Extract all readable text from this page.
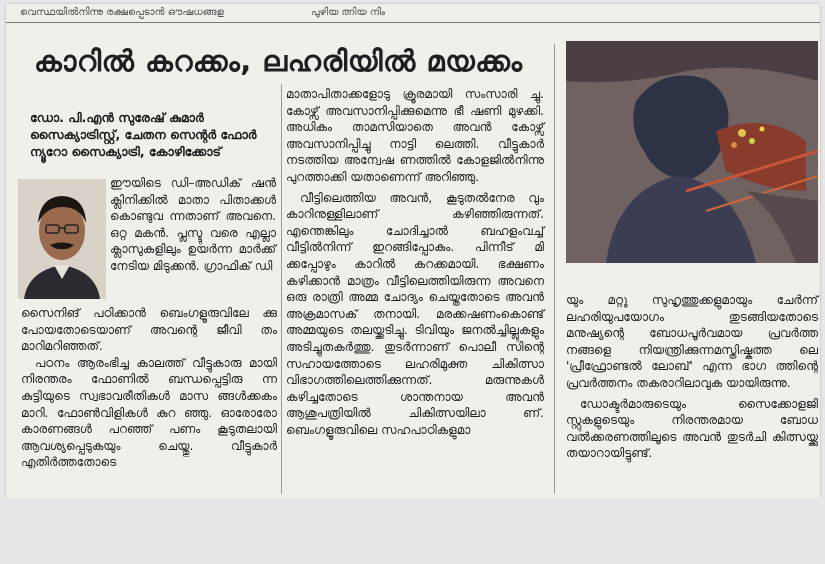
വെസ്ഥയിൽനിന്നു രക്ഷപ്പെടാൻ ഔഷധങ്ങള	പുഴിയ ത്നിയ നിം
കാറിൽ കറക്കം, ലഹരിയിൽ മയക്കം
ഡോ. പി.എൻ സുരേഷ് കുമാർ
സൈക്യാട്രിസ്റ്റ്, ചേതന സെന്റർ ഫോർ
ന്യൂറോ സൈക്യാട്രി, കോഴിക്കോട്

ഈയിടെ ഡി–അഡിക് ഷൻ ക്ലിനിക്കിൽ മാതാ പിതാക്കൾ കൊണ്ടുവ ന്നതാണ് അവനെ. ഒറ്റ മകൻ. പ്ലസ്ടു വരെ എല്ലാ ക്ലാസുകളിലും ഉയർന്ന മാർക്ക് നേടിയ മിടുക്കൻ. ഗ്രാഫിക് ഡി

സൈനിങ് പഠിക്കാൻ ബെംഗളൂരുവിലേ ക്കു പോയതോടെയാണ് അവന്റെ ജീവി തം മാറിമറിഞ്ഞത്.

പഠനം ആരംഭിച്ച കാലത്ത് വീട്ടുകാരു മായി നിരന്തരം ഫോണിൽ ബന്ധപ്പെട്ടിരു ന്ന കുട്ടിയുടെ സ്വഭാവരീതികൾ മാസ ങ്ങൾക്കകം മാറി. ഫോൺവിളികൾ കുറ ഞ്ഞു. ഓരോരോ കാരണങ്ങൾ പറഞ്ഞ് പണം കൂടുതലായി ആവശ്യപ്പെടുകയും ചെയ്തു. വീട്ടുകാർ എതിർത്തതോടെ

മാതാപിതാക്കളോടു ക്രൂരമായി സംസാരി ച്ചു. കോഴ്സ് അവസാനിപ്പിക്കുമെന്നു ഭീ ഷണി മുഴക്കി. അധികം താമസിയാതെ അവൻ കോഴ്സ് അവസാനിപ്പിച്ചു നാട്ടി ലെത്തി. വീട്ടുകാർ നടത്തിയ അന്വേഷ ണത്തിൽ കോളജിൽനിന്നു പുറത്താക്കി യതാണെന്ന് അറിഞ്ഞു.

വീട്ടിലെത്തിയ അവൻ, കൂടുതൽനേര വും കാറിനുള്ളിലാണ് കഴിഞ്ഞിരുന്നത്. എന്തെങ്കിലും ചോദിച്ചാൽ ബഹളംവച്ച് വീട്ടിൽനിന്ന് ഇറങ്ങിപ്പോകും. പിന്നീട് മി ക്കപ്പോഴും കാറിൽ കറക്കമായി. ഭക്ഷണം കഴിക്കാൻ മാത്രം വീട്ടിലെത്തിയിരുന്ന അവനെ ഒരു രാത്രി അമ്മ ചോദ്യം ചെയ്തതോടെ അവൻ അക്രമാസക് തനായി. മരക്കഷണംകൊണ്ട് അമ്മയുടെ തലയ്ക്കടിച്ചു. ടിവിയും ജനൽച്ചില്ലുകളും അടിച്ചുതകർത്തു. തുടർന്നാണ് പൊലീ സിന്റെ സഹായത്തോടെ ലഹരിമുക്ത ചികിത്സാ വിഭാഗത്തിലെത്തിക്കുന്നത്. മരുന്നുകൾ കഴിച്ചതോടെ ശാന്തനായ അവൻ ആശുപത്രിയിൽ ചികിത്സയിലാ ണ്. ബെംഗളൂരുവിലെ സഹപാഠികളുമാ

യും മറ്റു സുഹൃത്തുക്കളുമായും ചേർന്ന് ലഹരിയുപയോഗം തുടങ്ങിയതോടെ മനുഷ്യന്റെ ബോധപൂർവമായ പ്രവർത്ത നങ്ങളെ നിയന്ത്രിക്കുന്നമസ്തിഷ്കത്ത ലെ 'പ്രീഫ്രോണ്ടൽ ലോബ്' എന്ന ഭാഗ ത്തിന്റെ പ്രവർത്തനം തകരാറിലാവുക യായിരുന്നു.

ഡോക്ടർമാരുടെയും സൈക്കോളജി സ്റ്റുകളുടെയും നിരന്തരമായ ബോധ വൽക്കരണത്തിലൂടെ അവൻ തുടർചി കിത്സയ്ക്കു തയാറായിട്ടുണ്ട്.
